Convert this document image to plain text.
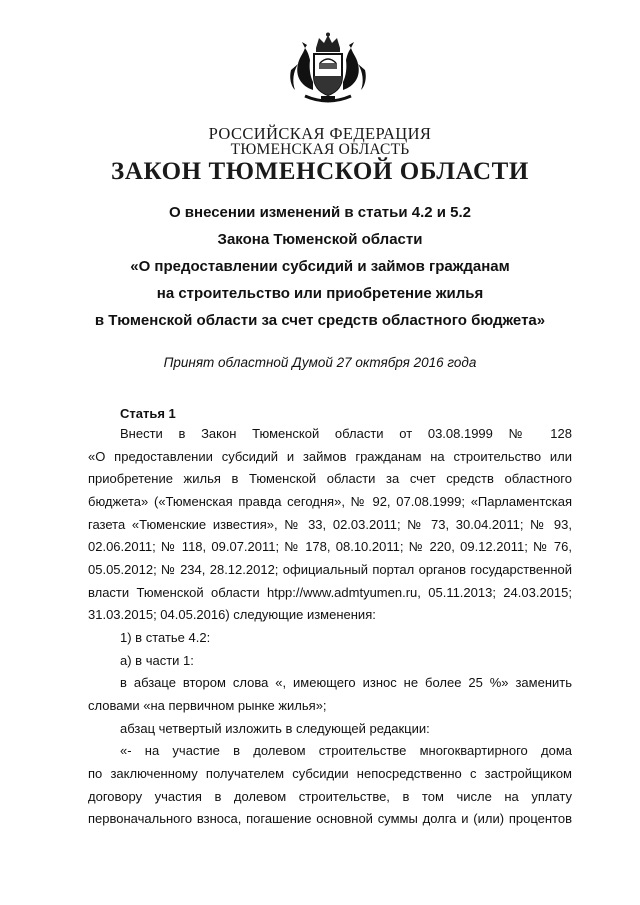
РОССИЙСКАЯ ФЕДЕРАЦИЯ
ТЮМЕНСКАЯ ОБЛАСТЬ
ЗАКОН ТЮМЕНСКОЙ ОБЛАСТИ
О внесении изменений в статьи 4.2 и 5.2
Закона Тюменской области
«О предоставлении субсидий и займов гражданам
на строительство или приобретение жилья
в Тюменской области за счет средств областного бюджета»
Принят областной Думой 27 октября 2016 года
Статья 1
Внести в Закон Тюменской области от 03.08.1999 № 128
«О предоставлении субсидий и займов гражданам на строительство или
приобретение жилья в Тюменской области за счет средств областного
бюджета» («Тюменская правда сегодня», № 92, 07.08.1999; «Парламентская
газета «Тюменские известия», № 33, 02.03.2011; № 73, 30.04.2011; № 93,
02.06.2011; № 118, 09.07.2011; № 178, 08.10.2011; № 220, 09.12.2011; № 76,
05.05.2012; № 234, 28.12.2012; официальный портал органов государственной
власти Тюменской области htpp://www.admtyumen.ru, 05.11.2013; 24.03.2015;
31.03.2015; 04.05.2016) следующие изменения:
1) в статье 4.2:
а) в части 1:
в абзаце втором слова «, имеющего износ не более 25 %» заменить
словами «на первичном рынке жилья»;
абзац четвертый изложить в следующей редакции:
«- на участие в долевом строительстве многоквартирного дома
по заключенному получателем субсидии непосредственно с застройщиком
договору участия в долевом строительстве, в том числе на уплату
первоначального взноса, погашение основной суммы долга и (или) процентов
